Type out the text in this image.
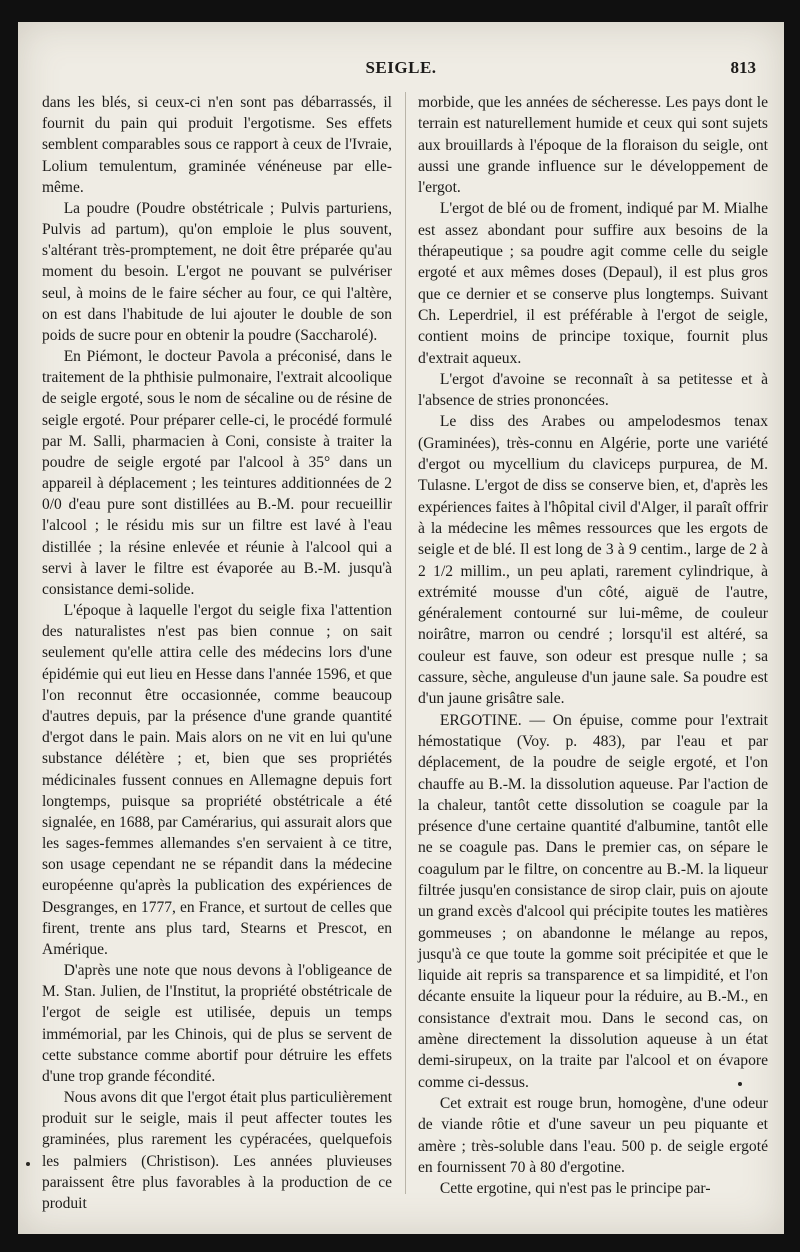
SEIGLE.	813

dans les blés, si ceux-ci n'en sont pas débarrassés, il fournit du pain qui produit l'ergotisme. Ses effets semblent comparables sous ce rapport à ceux de l'Ivraie, Lolium temulentum, graminée vénéneuse par elle-même.

La poudre (Poudre obstétricale ; Pulvis parturiens, Pulvis ad partum), qu'on emploie le plus souvent, s'altérant très-promptement, ne doit être préparée qu'au moment du besoin. L'ergot ne pouvant se pulvériser seul, à moins de le faire sécher au four, ce qui l'altère, on est dans l'habitude de lui ajouter le double de son poids de sucre pour en obtenir la poudre (Saccharolé).

En Piémont, le docteur Pavola a préconisé, dans le traitement de la phthisie pulmonaire, l'extrait alcoolique de seigle ergoté, sous le nom de sécaline ou de résine de seigle ergoté. Pour préparer celle-ci, le procédé formulé par M. Salli, pharmacien à Coni, consiste à traiter la poudre de seigle ergoté par l'alcool à 35° dans un appareil à déplacement ; les teintures additionnées de 2 0/0 d'eau pure sont distillées au B.-M. pour recueillir l'alcool ; le résidu mis sur un filtre est lavé à l'eau distillée ; la résine enlevée et réunie à l'alcool qui a servi à laver le filtre est évaporée au B.-M. jusqu'à consistance demi-solide.

L'époque à laquelle l'ergot du seigle fixa l'attention des naturalistes n'est pas bien connue ; on sait seulement qu'elle attira celle des médecins lors d'une épidémie qui eut lieu en Hesse dans l'année 1596, et que l'on reconnut être occasionnée, comme beaucoup d'autres depuis, par la présence d'une grande quantité d'ergot dans le pain. Mais alors on ne vit en lui qu'une substance délétère ; et, bien que ses propriétés médicinales fussent connues en Allemagne depuis fort longtemps, puisque sa propriété obstétricale a été signalée, en 1688, par Camérarius, qui assurait alors que les sages-femmes allemandes s'en servaient à ce titre, son usage cependant ne se répandit dans la médecine européenne qu'après la publication des expériences de Desgranges, en 1777, en France, et surtout de celles que firent, trente ans plus tard, Stearns et Prescot, en Amérique.

D'après une note que nous devons à l'obligeance de M. Stan. Julien, de l'Institut, la propriété obstétricale de l'ergot de seigle est utilisée, depuis un temps immémorial, par les Chinois, qui de plus se servent de cette substance comme abortif pour détruire les effets d'une trop grande fécondité.

Nous avons dit que l'ergot était plus particulièrement produit sur le seigle, mais il peut affecter toutes les graminées, plus rarement les cypéracées, quelquefois les palmiers (Christison). Les années pluvieuses paraissent être plus favorables à la production de ce produit

morbide, que les années de sécheresse. Les pays dont le terrain est naturellement humide et ceux qui sont sujets aux brouillards à l'époque de la floraison du seigle, ont aussi une grande influence sur le développement de l'ergot.

L'ergot de blé ou de froment, indiqué par M. Mialhe est assez abondant pour suffire aux besoins de la thérapeutique ; sa poudre agit comme celle du seigle ergoté et aux mêmes doses (Depaul), il est plus gros que ce dernier et se conserve plus longtemps. Suivant Ch. Leperdriel, il est préférable à l'ergot de seigle, contient moins de principe toxique, fournit plus d'extrait aqueux.

L'ergot d'avoine se reconnaît à sa petitesse et à l'absence de stries prononcées.

Le diss des Arabes ou ampelodesmos tenax (Graminées), très-connu en Algérie, porte une variété d'ergot ou mycellium du claviceps purpurea, de M. Tulasne. L'ergot de diss se conserve bien, et, d'après les expériences faites à l'hôpital civil d'Alger, il paraît offrir à la médecine les mêmes ressources que les ergots de seigle et de blé. Il est long de 3 à 9 centim., large de 2 à 2 1/2 millim., un peu aplati, rarement cylindrique, à extrémité mousse d'un côté, aiguë de l'autre, généralement contourné sur lui-même, de couleur noirâtre, marron ou cendré ; lorsqu'il est altéré, sa couleur est fauve, son odeur est presque nulle ; sa cassure, sèche, anguleuse d'un jaune sale. Sa poudre est d'un jaune grisâtre sale.

ERGOTINE. — On épuise, comme pour l'extrait hémostatique (Voy. p. 483), par l'eau et par déplacement, de la poudre de seigle ergoté, et l'on chauffe au B.-M. la dissolution aqueuse. Par l'action de la chaleur, tantôt cette dissolution se coagule par la présence d'une certaine quantité d'albumine, tantôt elle ne se coagule pas. Dans le premier cas, on sépare le coagulum par le filtre, on concentre au B.-M. la liqueur filtrée jusqu'en consistance de sirop clair, puis on ajoute un grand excès d'alcool qui précipite toutes les matières gommeuses ; on abandonne le mélange au repos, jusqu'à ce que toute la gomme soit précipitée et que le liquide ait repris sa transparence et sa limpidité, et l'on décante ensuite la liqueur pour la réduire, au B.-M., en consistance d'extrait mou. Dans le second cas, on amène directement la dissolution aqueuse à un état demi-sirupeux, on la traite par l'alcool et on évapore comme ci-dessus.

Cet extrait est rouge brun, homogène, d'une odeur de viande rôtie et d'une saveur un peu piquante et amère ; très-soluble dans l'eau. 500 p. de seigle ergoté en fournissent 70 à 80 d'ergotine.

Cette ergotine, qui n'est pas le principe par-
